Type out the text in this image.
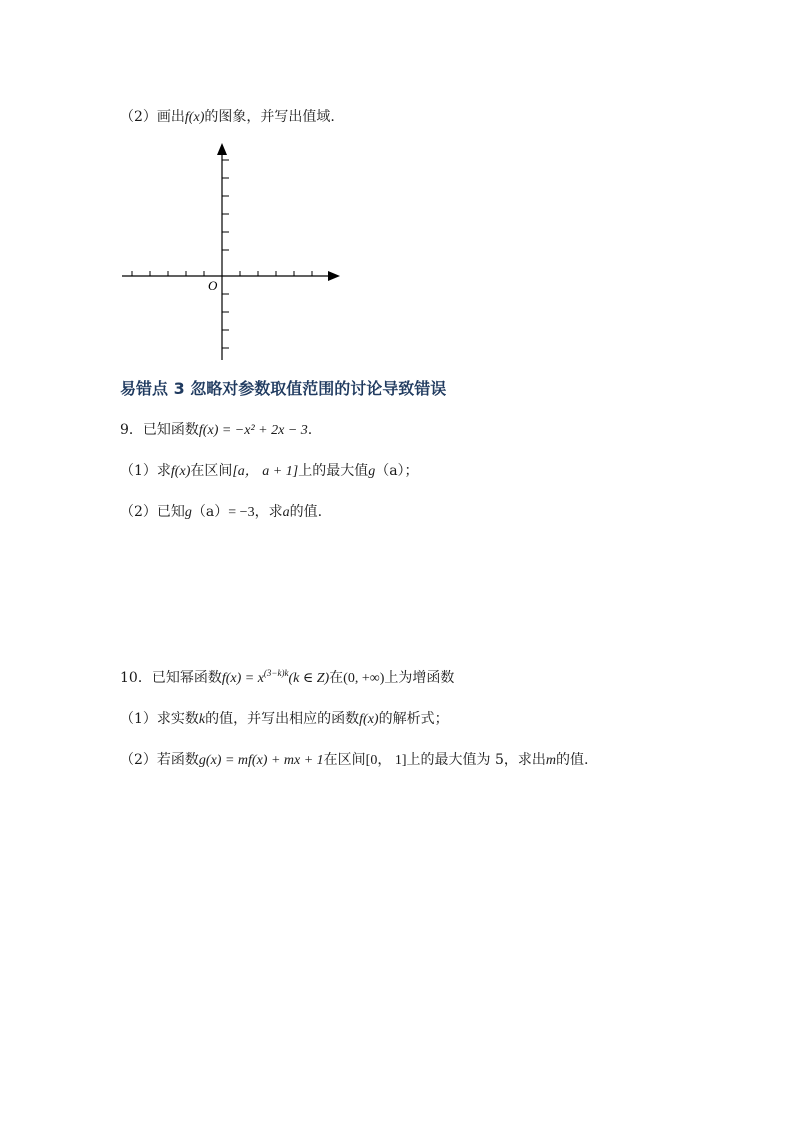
（2）画出f(x)的图象，并写出值域.
O
易错点 3 忽略对参数取值范围的讨论导致错误
9．已知函数f(x) = −x² + 2x − 3.
（1）求f(x)在区间[a， a + 1]上的最大值g（a）；
（2）已知g（a）= −3，求a的值.
10．已知幂函数$f(x) = x^{(3-k)k}(k$ ∈ Z)在(0, +∞)上为增函数
（1）求实数k的值，并写出相应的函数f(x)的解析式；
（2）若函数g(x) = mf(x) + mx + 1在区间[0， 1]上的最大值为 5，求出m的值.
